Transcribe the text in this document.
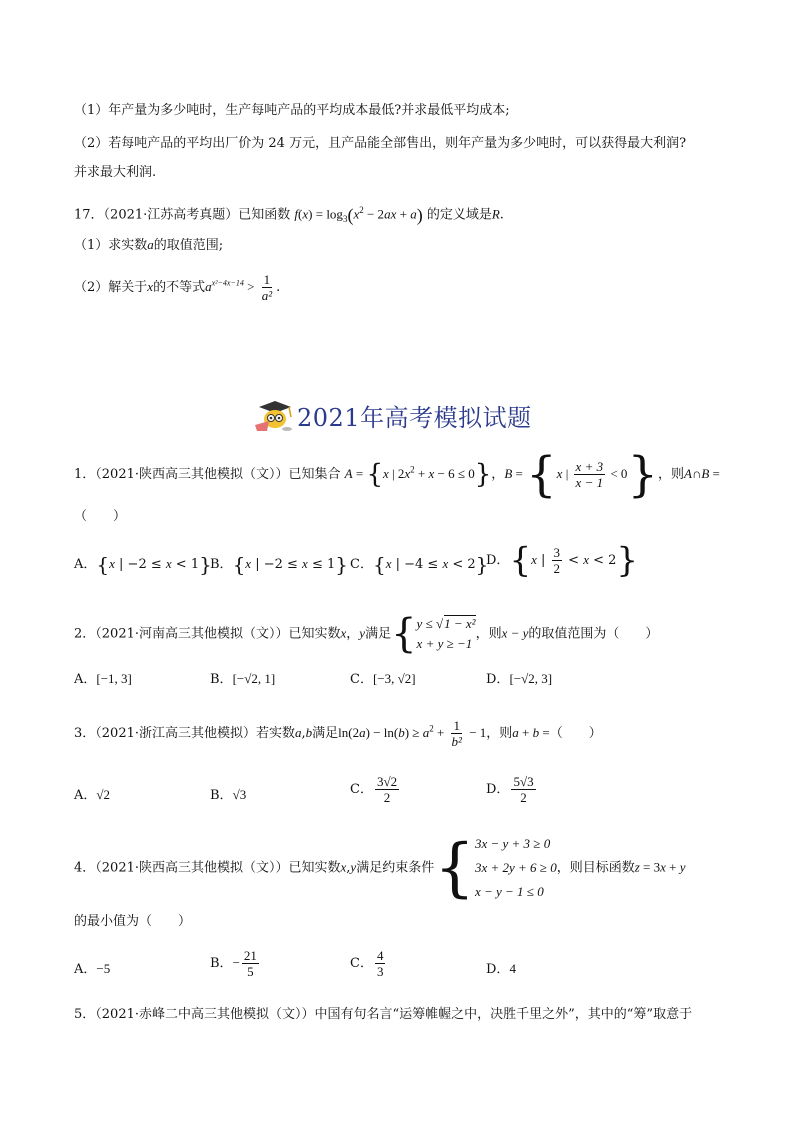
（1）年产量为多少吨时，生产每吨产品的平均成本最低?并求最低平均成本;
（2）若每吨产品的平均出厂价为 24 万元，且产品能全部售出，则年产量为多少吨时，可以获得最大利润?
并求最大利润.
17．（2021·江苏高考真题）已知函数 $f(x) = \log_3(x^2 - 2ax + a)$ 的定义域是R.
（1）求实数a的取值范围;
（2）解关于x的不等式$a^{x^2-4x-14} > \frac{1}{\text{a²}}$ .
2021年高考模拟试题
1．（2021·陕西高三其他模拟（文））已知集合 A = {x | $2x^2 + x - 6 \le 0$}，B = {x | $\frac{x + 3}{x - 1} < 0$}，则A∩B =
（　　）
A．{x | −2 ≤ x < 1}
B．{x | −2 ≤ x ≤ 1} C．{x | −4 ≤ x < 2}
D．{x | $\frac{3}{2} < x < 2$}
2．（2021·河南高三其他模拟（文））已知实数x，y满足{ y ≤ √1 − x²
x + y ≥ −1
，则x − y的取值范围为（　　）
A．[−1, 3]	B．[−√2, 1]	C．[−3, √2]	D．[−√2, 3]
3．（2021·浙江高三其他模拟）若实数a,b满足$\ln(2a) - \ln(b) \ge a^2 + \frac{1}{\text{b²}} - 1$，则a + b =（　　）
A．√2	B．√3	C． $\frac{3√2}{2}$	D． $\frac{5√3}{2}$
4．（2021·陕西高三其他模拟（文））已知实数x,y满足约束条件{ 3x − y + 3 ≥ 0
3x + 2y + 6 ≥ 0
x − y − 1 ≤ 0
，则目标函数z = 3x + y
的最小值为（　　）
A．−5	B．− $\frac{21}{5}$	C． $\frac{4}{3}$	D．4
5．（2021·赤峰二中高三其他模拟（文））中国有句名言“运筹帷幄之中，决胜千里之外”，其中的“筹”取意于
